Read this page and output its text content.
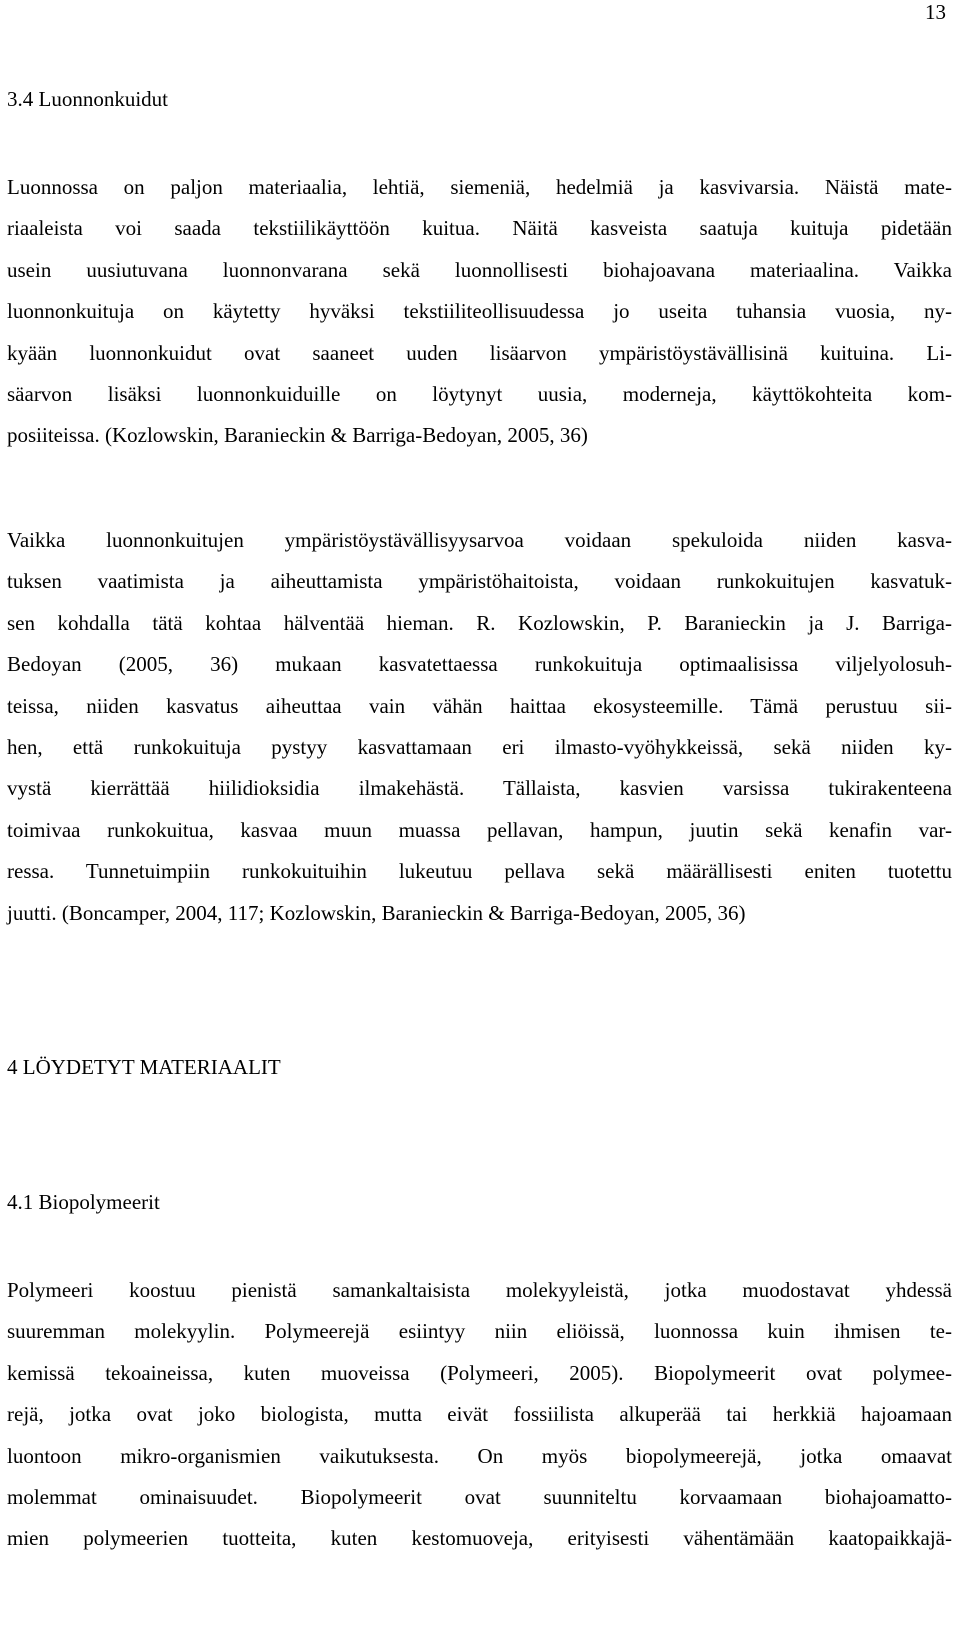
13
3.4 Luonnonkuidut
Luonnossa on paljon materiaalia, lehtiä, siemeniä, hedelmiä ja kasvivarsia. Näistä mate-
riaaleista voi saada tekstiilikäyttöön kuitua. Näitä kasveista saatuja kuituja pidetään
usein uusiutuvana luonnonvarana sekä luonnollisesti biohajoavana materiaalina. Vaikka
luonnonkuituja on käytetty hyväksi tekstiiliteollisuudessa jo useita tuhansia vuosia, ny-
kyään luonnonkuidut ovat saaneet uuden lisäarvon ympäristöystävällisinä kuituina. Li-
säarvon lisäksi luonnonkuiduille on löytynyt uusia, moderneja, käyttökohteita kom-
posiiteissa. (Kozlowskin, Baranieckin & Barriga-Bedoyan, 2005, 36)
Vaikka luonnonkuitujen ympäristöystävällisyysarvoa voidaan spekuloida niiden kasva-
tuksen vaatimista ja aiheuttamista ympäristöhaitoista, voidaan runkokuitujen kasvatuk-
sen kohdalla tätä kohtaa hälventää hieman. R. Kozlowskin, P. Baranieckin ja J. Barriga-
Bedoyan (2005, 36) mukaan kasvatettaessa runkokuituja optimaalisissa viljelyolosuh-
teissa, niiden kasvatus aiheuttaa vain vähän haittaa ekosysteemille. Tämä perustuu sii-
hen, että runkokuituja pystyy kasvattamaan eri ilmasto-vyöhykkeissä, sekä niiden ky-
vystä kierrättää hiilidioksidia ilmakehästä. Tällaista, kasvien varsissa tukirakenteena
toimivaa runkokuitua, kasvaa muun muassa pellavan, hampun, juutin sekä kenafin var-
ressa. Tunnetuimpiin runkokuituihin lukeutuu pellava sekä määrällisesti eniten tuotettu
juutti. (Boncamper, 2004, 117; Kozlowskin, Baranieckin & Barriga-Bedoyan, 2005, 36)
4 LÖYDETYT MATERIAALIT
4.1 Biopolymeerit
Polymeeri koostuu pienistä samankaltaisista molekyyleistä, jotka muodostavat yhdessä
suuremman molekyylin. Polymeerejä esiintyy niin eliöissä, luonnossa kuin ihmisen te-
kemissä tekoaineissa, kuten muoveissa (Polymeeri, 2005). Biopolymeerit ovat polymee-
rejä, jotka ovat joko biologista, mutta eivät fossiilista alkuperää tai herkkiä hajoamaan
luontoon mikro-organismien vaikutuksesta. On myös biopolymeerejä, jotka omaavat
molemmat ominaisuudet. Biopolymeerit ovat suunniteltu korvaamaan biohajoamatto-
mien polymeerien tuotteita, kuten kestomuoveja, erityisesti vähentämään kaatopaikkajä-
